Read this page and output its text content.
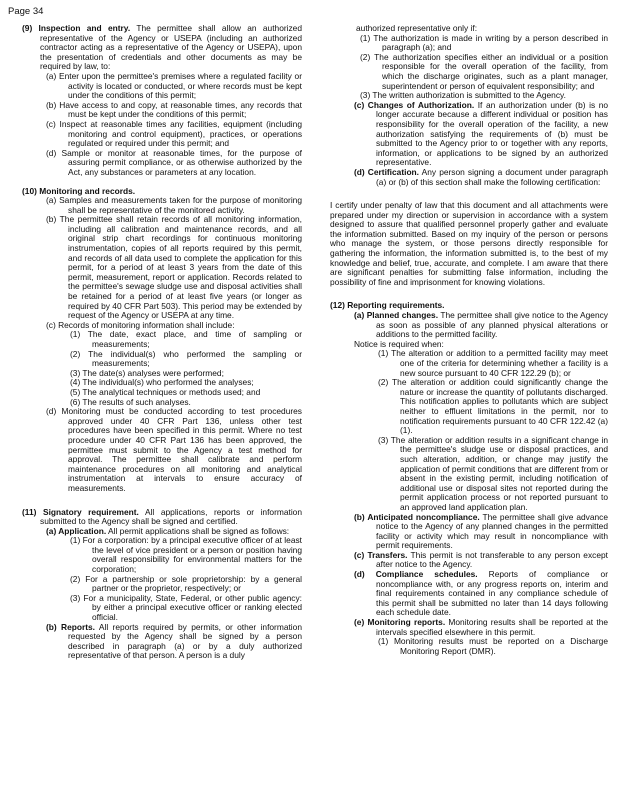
Page 34

(9) Inspection and entry. The permittee shall allow an authorized representative of the Agency or USEPA (including an authorized contractor acting as a representative of the Agency or USEPA), upon the presentation of credentials and other documents as may be required by law, to:

(a) Enter upon the permittee's premises where a regulated facility or activity is located or conducted, or where records must be kept under the conditions of this permit;

(b) Have access to and copy, at reasonable times, any records that must be kept under the conditions of this permit;

(c) Inspect at reasonable times any facilities, equipment (including monitoring and control equipment), practices, or operations regulated or required under this permit; and

(d) Sample or monitor at reasonable times, for the purpose of assuring permit compliance, or as otherwise authorized by the Act, any substances or parameters at any location.

(10) Monitoring and records.

(a) Samples and measurements taken for the purpose of monitoring shall be representative of the monitored activity.

(b) The permittee shall retain records of all monitoring information, including all calibration and maintenance records, and all original strip chart recordings for continuous monitoring instrumentation, copies of all reports required by this permit, and records of all data used to complete the application for this permit, for a period of at least 3 years from the date of this permit, measurement, report or application. Records related to the permittee's sewage sludge use and disposal activities shall be retained for a period of at least five years (or longer as required by 40 CFR Part 503). This period may be extended by request of the Agency or USEPA at any time.

(c) Records of monitoring information shall include:

(1) The date, exact place, and time of sampling or measurements;

(2) The individual(s) who performed the sampling or measurements;

(3) The date(s) analyses were performed;

(4) The individual(s) who performed the analyses;

(5) The analytical techniques or methods used; and

(6) The results of such analyses.

(d) Monitoring must be conducted according to test procedures approved under 40 CFR Part 136, unless other test procedures have been specified in this permit. Where no test procedure under 40 CFR Part 136 has been approved, the permittee must submit to the Agency a test method for approval. The permittee shall calibrate and perform maintenance procedures on all monitoring and analytical instrumentation at intervals to ensure accuracy of measurements.

(11) Signatory requirement. All applications, reports or information submitted to the Agency shall be signed and certified.

(a) Application. All permit applications shall be signed as follows:

(1) For a corporation: by a principal executive officer of at least the level of vice president or a person or position having overall responsibility for environmental matters for the corporation;

(2) For a partnership or sole proprietorship: by a general partner or the proprietor, respectively; or

(3) For a municipality, State, Federal, or other public agency: by either a principal executive officer or ranking elected official.

(b) Reports. All reports required by permits, or other information requested by the Agency shall be signed by a person described in paragraph (a) or by a duly authorized representative of that person. A person is a duly

authorized representative only if:

(1) The authorization is made in writing by a person described in paragraph (a); and

(2) The authorization specifies either an individual or a position responsible for the overall operation of the facility, from which the discharge originates, such as a plant manager, superintendent or person of equivalent responsibility; and

(3) The written authorization is submitted to the Agency.

(c) Changes of Authorization. If an authorization under (b) is no longer accurate because a different individual or position has responsibility for the overall operation of the facility, a new authorization satisfying the requirements of (b) must be submitted to the Agency prior to or together with any reports, information, or applications to be signed by an authorized representative.

(d) Certification. Any person signing a document under paragraph (a) or (b) of this section shall make the following certification:

I certify under penalty of law that this document and all attachments were prepared under my direction or supervision in accordance with a system designed to assure that qualified personnel properly gather and evaluate the information submitted. Based on my inquiry of the person or persons who manage the system, or those persons directly responsible for gathering the information, the information submitted is, to the best of my knowledge and belief, true, accurate, and complete. I am aware that there are significant penalties for submitting false information, including the possibility of fine and imprisonment for knowing violations.

(12) Reporting requirements.

(a) Planned changes. The permittee shall give notice to the Agency as soon as possible of any planned physical alterations or additions to the permitted facility.

Notice is required when:

(1) The alteration or addition to a permitted facility may meet one of the criteria for determining whether a facility is a new source pursuant to 40 CFR 122.29 (b); or

(2) The alteration or addition could significantly change the nature or increase the quantity of pollutants discharged. This notification applies to pollutants which are subject neither to effluent limitations in the permit, nor to notification requirements pursuant to 40 CFR 122.42 (a)(1).

(3) The alteration or addition results in a significant change in the permittee's sludge use or disposal practices, and such alteration, addition, or change may justify the application of permit conditions that are different from or absent in the existing permit, including notification of additional use or disposal sites not reported during the permit application process or not reported pursuant to an approved land application plan.

(b) Anticipated noncompliance. The permittee shall give advance notice to the Agency of any planned changes in the permitted facility or activity which may result in noncompliance with permit requirements.

(c) Transfers. This permit is not transferable to any person except after notice to the Agency.

(d) Compliance schedules. Reports of compliance or noncompliance with, or any progress reports on, interim and final requirements contained in any compliance schedule of this permit shall be submitted no later than 14 days following each schedule date.

(e) Monitoring reports. Monitoring results shall be reported at the intervals specified elsewhere in this permit.

(1) Monitoring results must be reported on a Discharge Monitoring Report (DMR).
